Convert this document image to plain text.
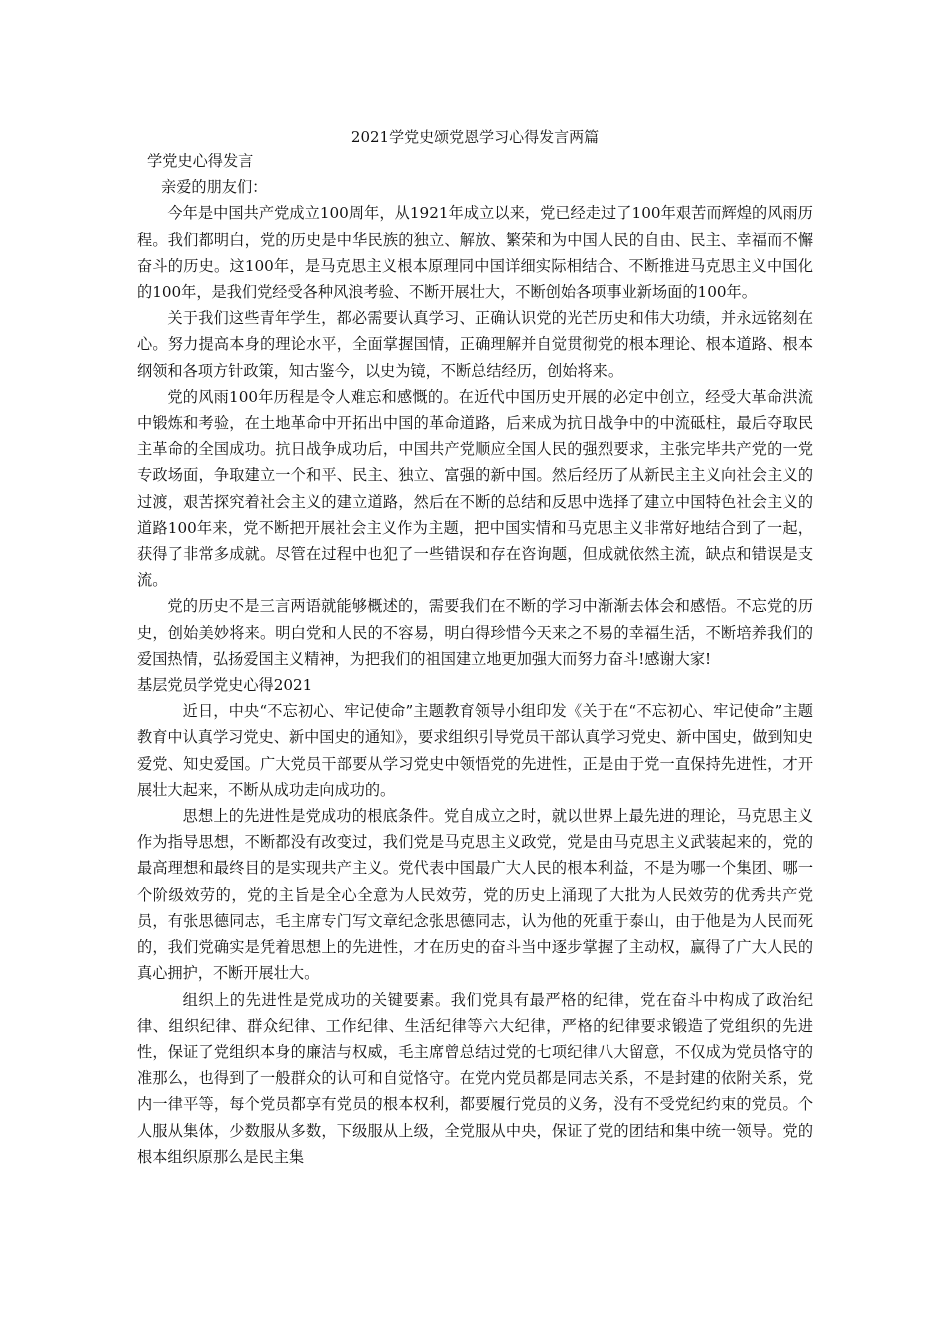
2021学党史颂党恩学习心得发言两篇

学党史心得发言

亲爱的朋友们：

今年是中国共产党成立100周年，从1921年成立以来，党已经走过了100年艰苦而辉煌的风雨历程。我们都明白，党的历史是中华民族的独立、解放、繁荣和为中国人民的自由、民主、幸福而不懈奋斗的历史。这100年，是马克思主义根本原理同中国详细实际相结合、不断推进马克思主义中国化的100年，是我们党经受各种风浪考验、不断开展壮大，不断创始各项事业新场面的100年。

关于我们这些青年学生，都必需要认真学习、正确认识党的光芒历史和伟大功绩，并永远铭刻在心。努力提高本身的理论水平，全面掌握国情，正确理解并自觉贯彻党的根本理论、根本道路、根本纲领和各项方针政策，知古鉴今，以史为镜，不断总结经历，创始将来。

党的风雨100年历程是令人难忘和感慨的。在近代中国历史开展的必定中创立，经受大革命洪流中锻炼和考验，在土地革命中开拓出中国的革命道路，后来成为抗日战争中的中流砥柱，最后夺取民主革命的全国成功。抗日战争成功后，中国共产党顺应全国人民的强烈要求，主张完毕共产党的一党专政场面，争取建立一个和平、民主、独立、富强的新中国。然后经历了从新民主主义向社会主义的过渡，艰苦探究着社会主义的建立道路，然后在不断的总结和反思中选择了建立中国特色社会主义的道路100年来，党不断把开展社会主义作为主题，把中国实情和马克思主义非常好地结合到了一起，获得了非常多成就。尽管在过程中也犯了一些错误和存在咨询题，但成就依然主流，缺点和错误是支流。

党的历史不是三言两语就能够概述的，需要我们在不断的学习中渐渐去体会和感悟。不忘党的历史，创始美妙将来。明白党和人民的不容易，明白得珍惜今天来之不易的幸福生活，不断培养我们的爱国热情，弘扬爱国主义精神，为把我们的祖国建立地更加强大而努力奋斗!感谢大家!

基层党员学党史心得2021

近日，中央“不忘初心、牢记使命”主题教育领导小组印发《关于在“不忘初心、牢记使命”主题教育中认真学习党史、新中国史的通知》，要求组织引导党员干部认真学习党史、新中国史，做到知史爱党、知史爱国。广大党员干部要从学习党史中领悟党的先进性，正是由于党一直保持先进性，才开展壮大起来，不断从成功走向成功的。

思想上的先进性是党成功的根底条件。党自成立之时，就以世界上最先进的理论，马克思主义作为指导思想，不断都没有改变过，我们党是马克思主义政党，党是由马克思主义武装起来的，党的最高理想和最终目的是实现共产主义。党代表中国最广大人民的根本利益，不是为哪一个集团、哪一个阶级效劳的，党的主旨是全心全意为人民效劳，党的历史上涌现了大批为人民效劳的优秀共产党员，有张思德同志，毛主席专门写文章纪念张思德同志，认为他的死重于泰山，由于他是为人民而死的，我们党确实是凭着思想上的先进性，才在历史的奋斗当中逐步掌握了主动权，赢得了广大人民的真心拥护，不断开展壮大。

组织上的先进性是党成功的关键要素。我们党具有最严格的纪律，党在奋斗中构成了政治纪律、组织纪律、群众纪律、工作纪律、生活纪律等六大纪律，严格的纪律要求锻造了党组织的先进性，保证了党组织本身的廉洁与权威，毛主席曾总结过党的七项纪律八大留意，不仅成为党员恪守的准那么，也得到了一般群众的认可和自觉恪守。在党内党员都是同志关系，不是封建的依附关系，党内一律平等，每个党员都享有党员的根本权利，都要履行党员的义务，没有不受党纪约束的党员。个人服从集体，少数服从多数，下级服从上级，全党服从中央，保证了党的团结和集中统一领导。党的根本组织原那么是民主集
